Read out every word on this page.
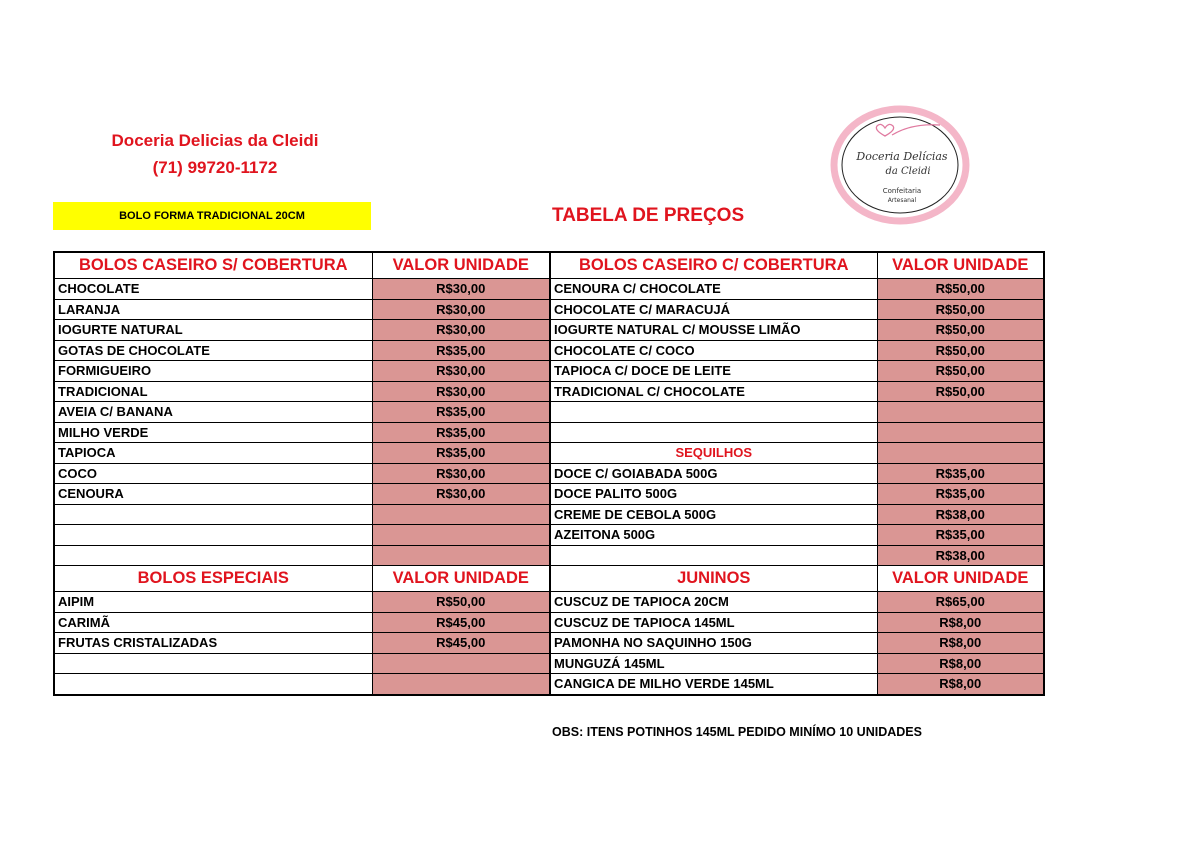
Doceria Delicias da Cleidi
(71) 99720-1172
BOLO FORMA TRADICIONAL 20CM	TABELA DE PREÇOS
Doceria Delícias
da Cleidi
Confeitaria
Artesanal
BOLOS CASEIRO S/ COBERTURA	VALOR UNIDADE	BOLOS CASEIRO C/ COBERTURA	VALOR UNIDADE
CHOCOLATE	R$30,00	CENOURA C/ CHOCOLATE	R$50,00
LARANJA	R$30,00	CHOCOLATE C/ MARACUJÁ	R$50,00
IOGURTE NATURAL	R$30,00	IOGURTE NATURAL C/ MOUSSE LIMÃO	R$50,00
GOTAS DE CHOCOLATE	R$35,00	CHOCOLATE C/ COCO	R$50,00
FORMIGUEIRO	R$30,00	TAPIOCA C/ DOCE DE LEITE	R$50,00
TRADICIONAL	R$30,00	TRADICIONAL C/ CHOCOLATE	R$50,00
AVEIA C/ BANANA	R$35,00		
MILHO VERDE	R$35,00		
TAPIOCA	R$35,00	SEQUILHOS	
COCO	R$30,00	DOCE C/ GOIABADA 500G	R$35,00
CENOURA	R$30,00	DOCE PALITO 500G	R$35,00
		CREME DE CEBOLA 500G	R$38,00
		AZEITONA 500G	R$35,00
			R$38,00
BOLOS ESPECIAIS	VALOR UNIDADE	JUNINOS	VALOR UNIDADE
AIPIM	R$50,00	CUSCUZ DE TAPIOCA 20CM	R$65,00
CARIMÃ	R$45,00	CUSCUZ DE TAPIOCA 145ML	R$8,00
FRUTAS CRISTALIZADAS	R$45,00	PAMONHA NO SAQUINHO 150G	R$8,00
		MUNGUZÁ 145ML	R$8,00
		CANGICA DE MILHO VERDE 145ML	R$8,00
OBS: ITENS POTINHOS 145ML PEDIDO MINÍMO 10 UNIDADES
